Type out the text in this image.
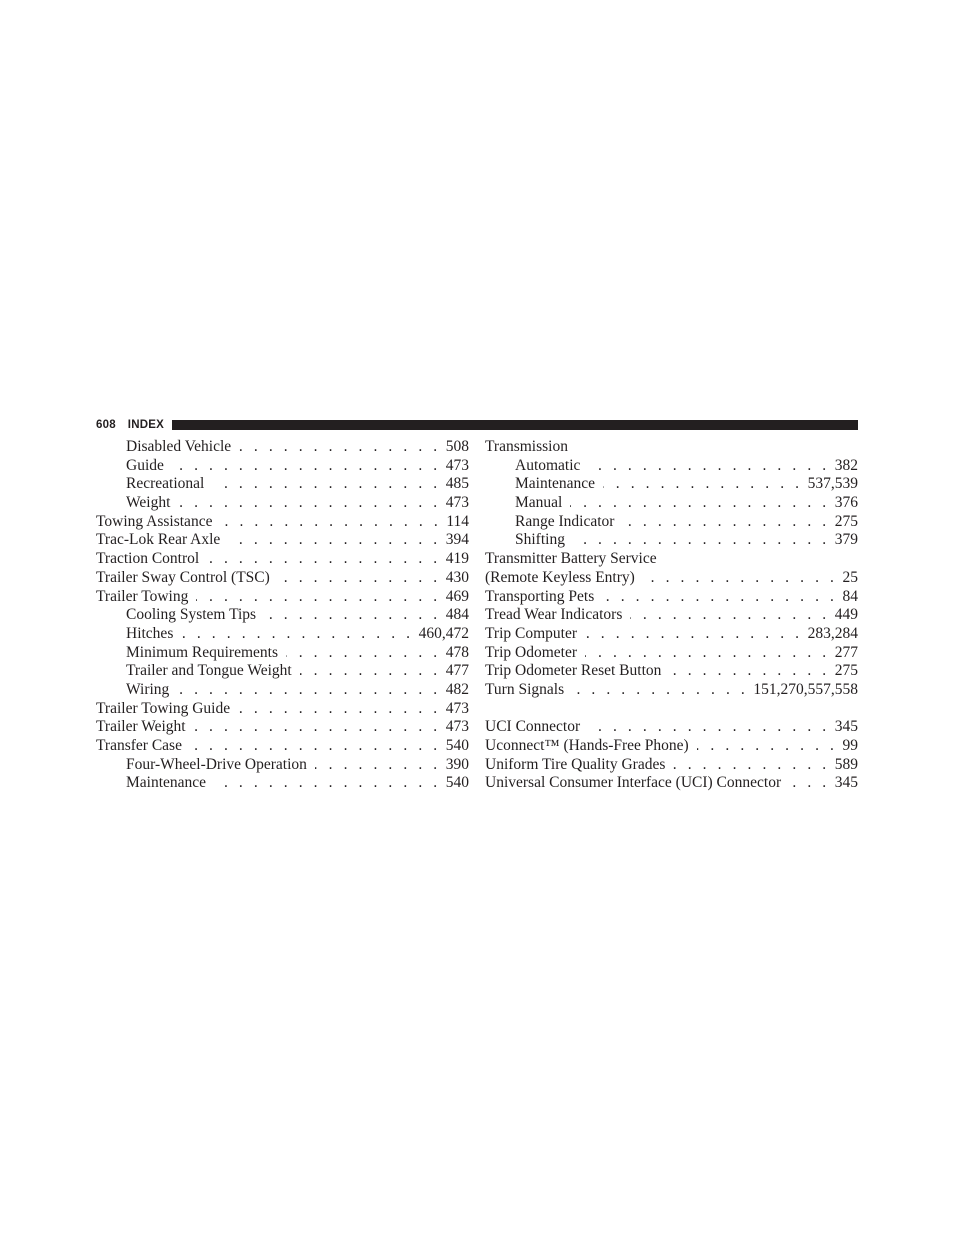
608 INDEX
Disabled Vehicle . . .	508
Guide . . .	473
Recreational . . .	485
Weight . . .	473
Towing Assistance . . .	114
Trac-Lok Rear Axle . . .	394
Traction Control . . .	419
Trailer Sway Control (TSC) . . .	430
Trailer Towing . . .	469
Cooling System Tips . . .	484
Hitches . . .	460,472
Minimum Requirements . . .	478
Trailer and Tongue Weight . . .	477
Wiring . . .	482
Trailer Towing Guide . . .	473
Trailer Weight . . .	473
Transfer Case . . .	540
Four-Wheel-Drive Operation . . .	390
Maintenance . . .	540
Transmission
Automatic . . .	382
Maintenance . . .	537,539
Manual . . .	376
Range Indicator . . .	275
Shifting . . .	379
Transmitter Battery Service
(Remote Keyless Entry) . . .	25
Transporting Pets . . .	84
Tread Wear Indicators . . .	449
Trip Computer . . .	283,284
Trip Odometer . . .	277
Trip Odometer Reset Button . . .	275
Turn Signals . . .	151,270,557,558
UCI Connector . . .	345
Uconnect™ (Hands-Free Phone) . . .	99
Uniform Tire Quality Grades . . .	589
Universal Consumer Interface (UCI) Connector . . .	345
